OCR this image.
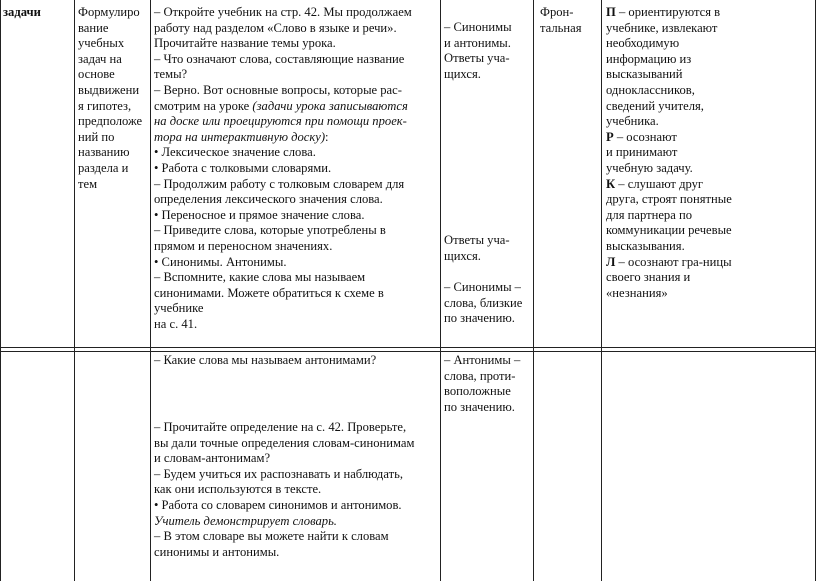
задачи	Формулиро

вание

учебных

задач на

основе

выдвижени

я гипотез,

предположе

ний по

названию

раздела и

тем

– Откройте учебник на стр. 42. Мы продолжаем

работу над разделом «Слово в языке и речи».

Прочитайте название темы урока.

– Что означают слова, составляющие название

темы?

– Верно. Вот основные вопросы, которые рас-

смотрим на уроке (задачи урока записываются

на доске или проецируются при помощи проек-

тора на интерактивную доску):

• Лексическое значение слова.

• Работа с толковыми словарями.

– Продолжим работу с толковым словарем для

определения лексического значения слова.

• Переносное и прямое значение слова.

– Приведите слова, которые употреблены в

прямом и переносном значениях.

• Синонимы. Антонимы.

– Вспомните, какие слова мы называем

синонимами. Можете обратиться к схеме в

учебнике

на с. 41.

– Синонимы

и антонимы.

Ответы уча-

щихся.

Ответы уча-

щихся.

– Синонимы –

слова, близкие

по значению.

Фрон-

тальная

П – ориентируются в

учебнике, извлекают

необходимую

информацию из

высказываний

одноклассников,

сведений учителя,

учебника.

Р – осознают

и принимают

учебную задачу.

К – слушают друг

друга, строят понятные

для партнера по

коммуникации речевые

высказывания.

Л – осознают гра-ницы

своего знания и

«незнания»

– Какие слова мы называем антонимами?

– Прочитайте определение на с. 42. Проверьте,

вы дали точные определения словам-синонимам

и словам-антонимам?

– Будем учиться их распознавать и наблюдать,

как они используются в тексте.

• Работа со словарем синонимов и антонимов.

Учитель демонстрирует словарь.

– В этом словаре вы можете найти к словам

синонимы и антонимы.

– Антонимы –

слова, проти-

воположные

по значению.
